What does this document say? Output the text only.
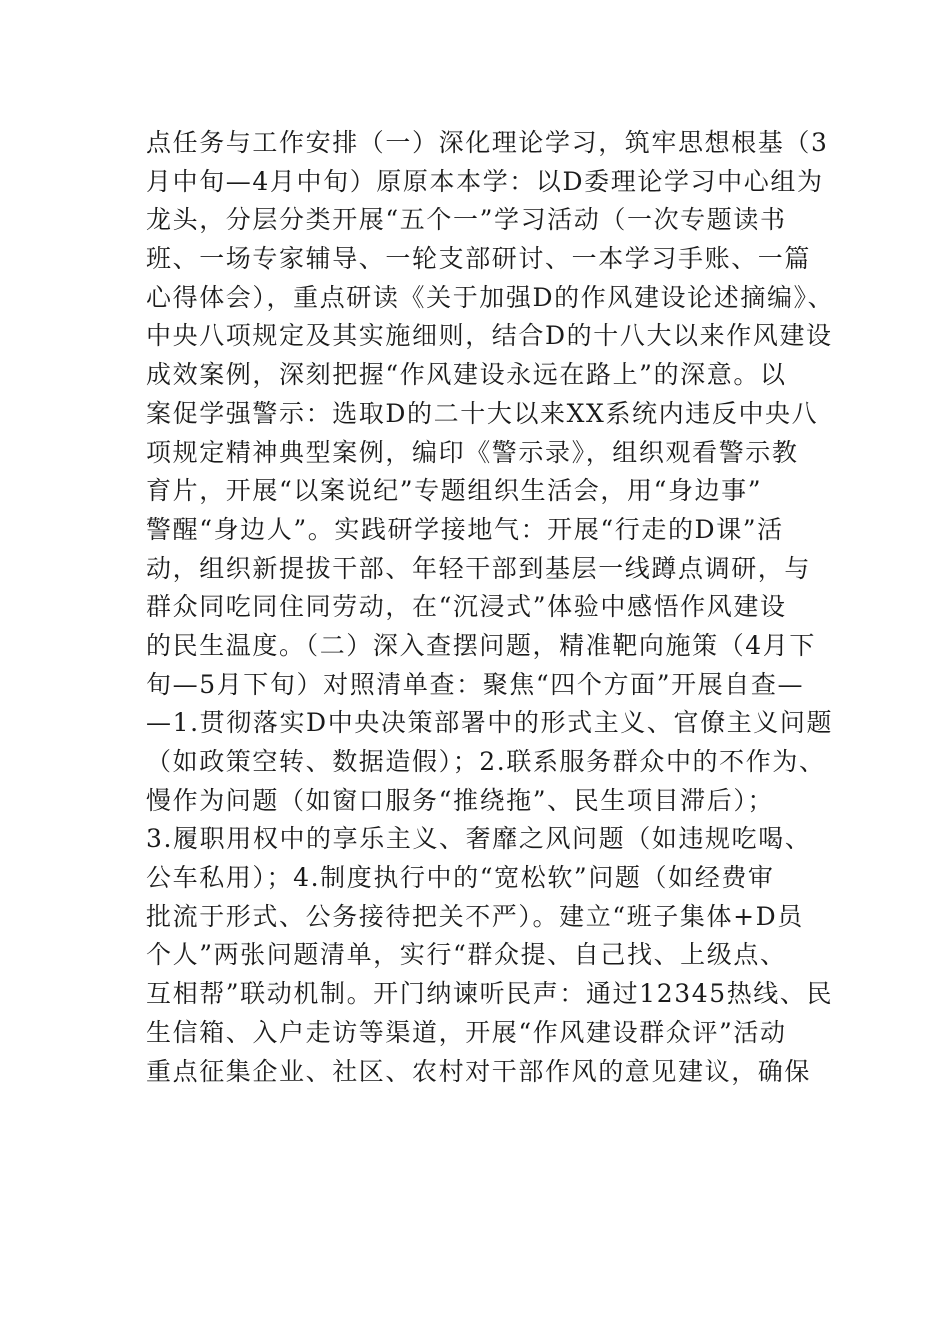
点任务与工作安排（一）深化理论学习，筑牢思想根基（3
月中旬—4月中旬）原原本本学：以D委理论学习中心组为
龙头，分层分类开展“五个一”学习活动（一次专题读书
班、一场专家辅导、一轮支部研讨、一本学习手账、一篇
心得体会），重点研读《关于加强D的作风建设论述摘编》、
中央八项规定及其实施细则，结合D的十八大以来作风建设
成效案例，深刻把握“作风建设永远在路上”的深意。以
案促学强警示：选取D的二十大以来XX系统内违反中央八
项规定精神典型案例，编印《警示录》，组织观看警示教
育片，开展“以案说纪”专题组织生活会，用“身边事”
警醒“身边人”。实践研学接地气：开展“行走的D课”活
动，组织新提拔干部、年轻干部到基层一线蹲点调研，与
群众同吃同住同劳动，在“沉浸式”体验中感悟作风建设
的民生温度。（二）深入查摆问题，精准靶向施策（4月下
旬—5月下旬）对照清单查：聚焦“四个方面”开展自查—
—1.贯彻落实D中央决策部署中的形式主义、官僚主义问题
（如政策空转、数据造假）；2.联系服务群众中的不作为、
慢作为问题（如窗口服务“推绕拖”、民生项目滞后）；
3.履职用权中的享乐主义、奢靡之风问题（如违规吃喝、
公车私用）；4.制度执行中的“宽松软”问题（如经费审
批流于形式、公务接待把关不严）。建立“班子集体+D员
个人”两张问题清单，实行“群众提、自己找、上级点、
互相帮”联动机制。开门纳谏听民声：通过12345热线、民
生信箱、入户走访等渠道，开展“作风建设群众评”活动
重点征集企业、社区、农村对干部作风的意见建议，确保
